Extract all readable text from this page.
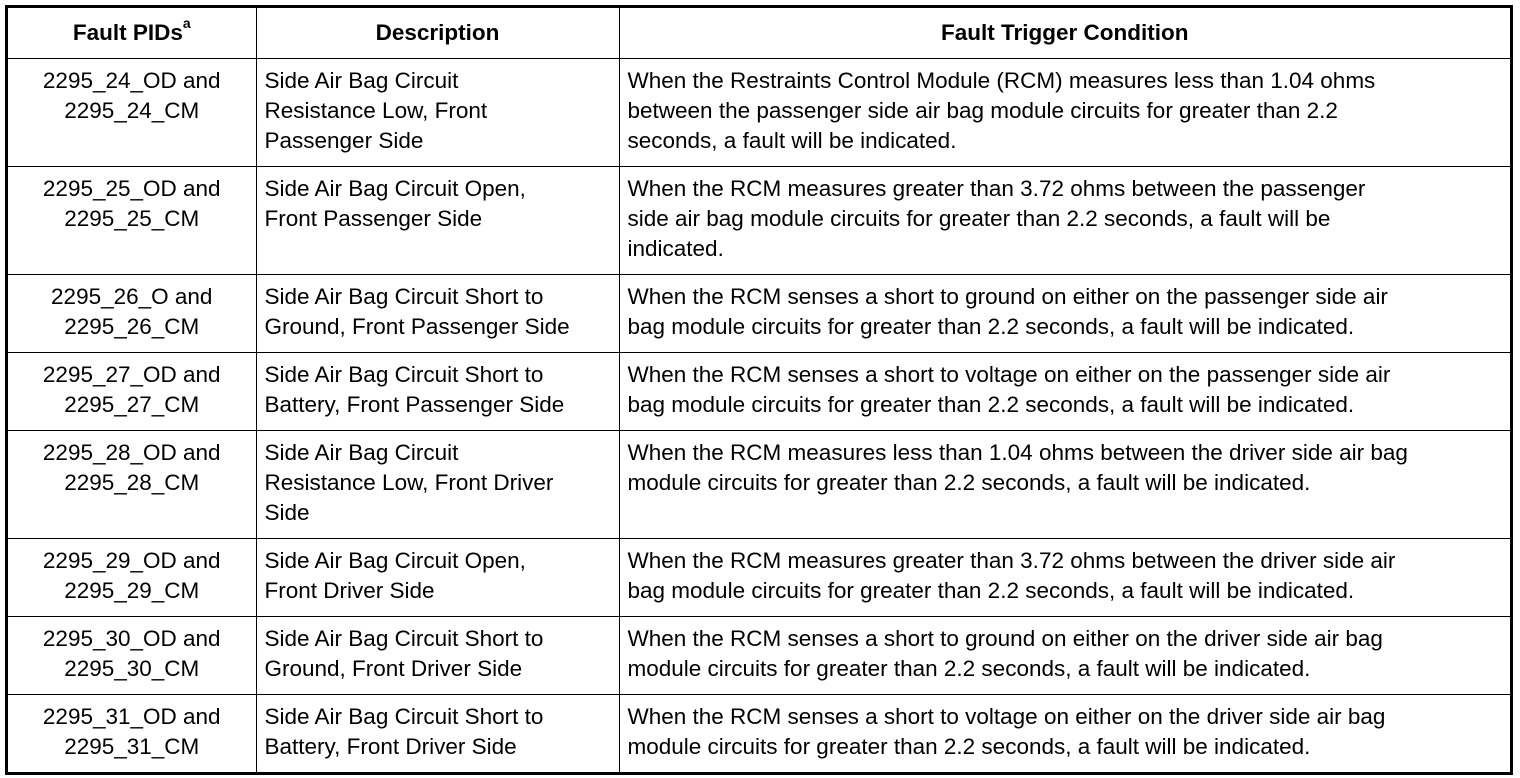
Fault PIDs$^a$	Description	Fault Trigger Condition

2295_24_OD and
2295_24_CM	Side Air Bag Circuit
Resistance Low, Front
Passenger Side	When the Restraints Control Module (RCM) measures less than 1.04 ohms
between the passenger side air bag module circuits for greater than 2.2
seconds, a fault will be indicated.

2295_25_OD and
2295_25_CM	Side Air Bag Circuit Open,
Front Passenger Side	When the RCM measures greater than 3.72 ohms between the passenger
side air bag module circuits for greater than 2.2 seconds, a fault will be
indicated.

2295_26_O and
2295_26_CM	Side Air Bag Circuit Short to
Ground, Front Passenger Side	When the RCM senses a short to ground on either on the passenger side air
bag module circuits for greater than 2.2 seconds, a fault will be indicated.

2295_27_OD and
2295_27_CM	Side Air Bag Circuit Short to
Battery, Front Passenger Side	When the RCM senses a short to voltage on either on the passenger side air
bag module circuits for greater than 2.2 seconds, a fault will be indicated.

2295_28_OD and
2295_28_CM	Side Air Bag Circuit
Resistance Low, Front Driver
Side	When the RCM measures less than 1.04 ohms between the driver side air bag
module circuits for greater than 2.2 seconds, a fault will be indicated.

2295_29_OD and
2295_29_CM	Side Air Bag Circuit Open,
Front Driver Side	When the RCM measures greater than 3.72 ohms between the driver side air
bag module circuits for greater than 2.2 seconds, a fault will be indicated.

2295_30_OD and
2295_30_CM	Side Air Bag Circuit Short to
Ground, Front Driver Side	When the RCM senses a short to ground on either on the driver side air bag
module circuits for greater than 2.2 seconds, a fault will be indicated.

2295_31_OD and
2295_31_CM	Side Air Bag Circuit Short to
Battery, Front Driver Side	When the RCM senses a short to voltage on either on the driver side air bag
module circuits for greater than 2.2 seconds, a fault will be indicated.
